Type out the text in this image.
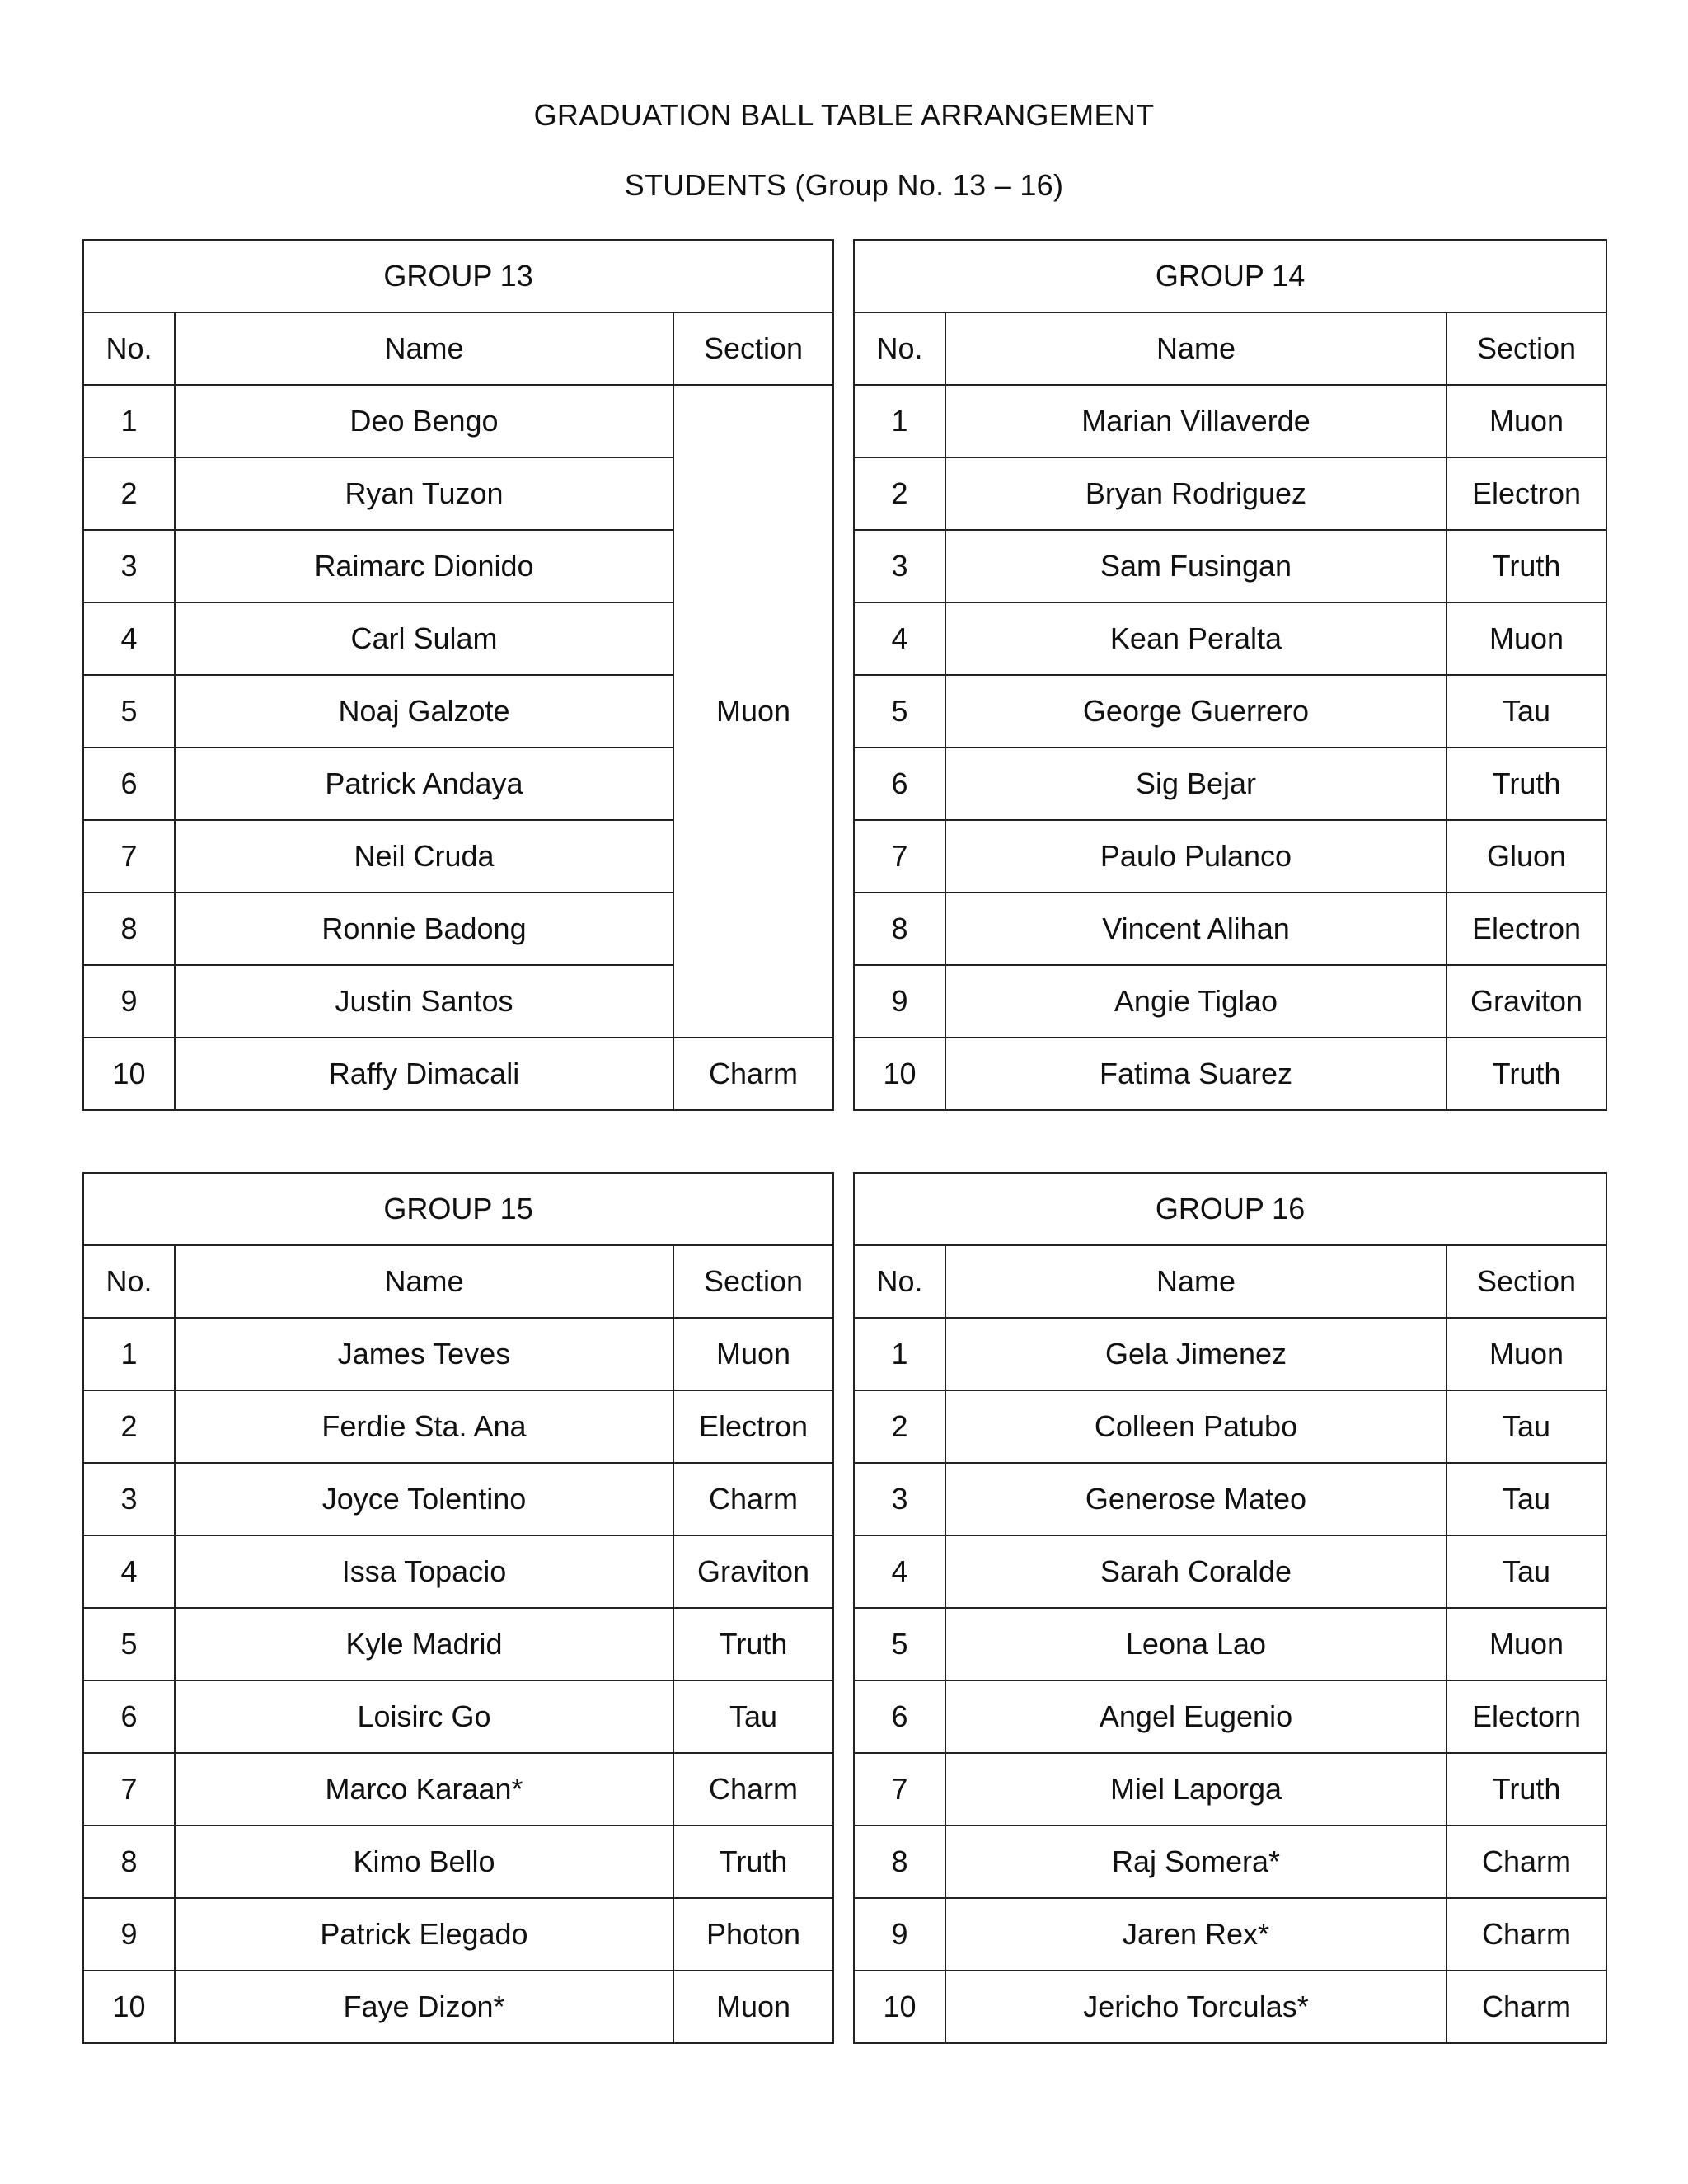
GRADUATION BALL TABLE ARRANGEMENT
STUDENTS (Group No. 13 – 16)
GROUP 13		
No.	Name	Section
1	Deo Bengo	Muon
2	Ryan Tuzon	
3	Raimarc Dionido	
4	Carl Sulam	
5	Noaj Galzote	
6	Patrick Andaya	
7	Neil Cruda	
8	Ronnie Badong	
9	Justin Santos	
10	Raffy Dimacali	Charm
GROUP 14		
No.	Name	Section
1	Marian Villaverde	Muon
2	Bryan Rodriguez	Electron
3	Sam Fusingan	Truth
4	Kean Peralta	Muon
5	George Guerrero	Tau
6	Sig Bejar	Truth
7	Paulo Pulanco	Gluon
8	Vincent Alihan	Electron
9	Angie Tiglao	Graviton
10	Fatima Suarez	Truth
GROUP 15		
No.	Name	Section
1	James Teves	Muon
2	Ferdie Sta. Ana	Electron
3	Joyce Tolentino	Charm
4	Issa Topacio	Graviton
5	Kyle Madrid	Truth
6	Loisirc Go	Tau
7	Marco Karaan*	Charm
8	Kimo Bello	Truth
9	Patrick Elegado	Photon
10	Faye Dizon*	Muon
GROUP 16		
No.	Name	Section
1	Gela Jimenez	Muon
2	Colleen Patubo	Tau
3	Generose Mateo	Tau
4	Sarah Coralde	Tau
5	Leona Lao	Muon
6	Angel Eugenio	Electorn
7	Miel Laporga	Truth
8	Raj Somera*	Charm
9	Jaren Rex*	Charm
10	Jericho Torculas*	Charm
